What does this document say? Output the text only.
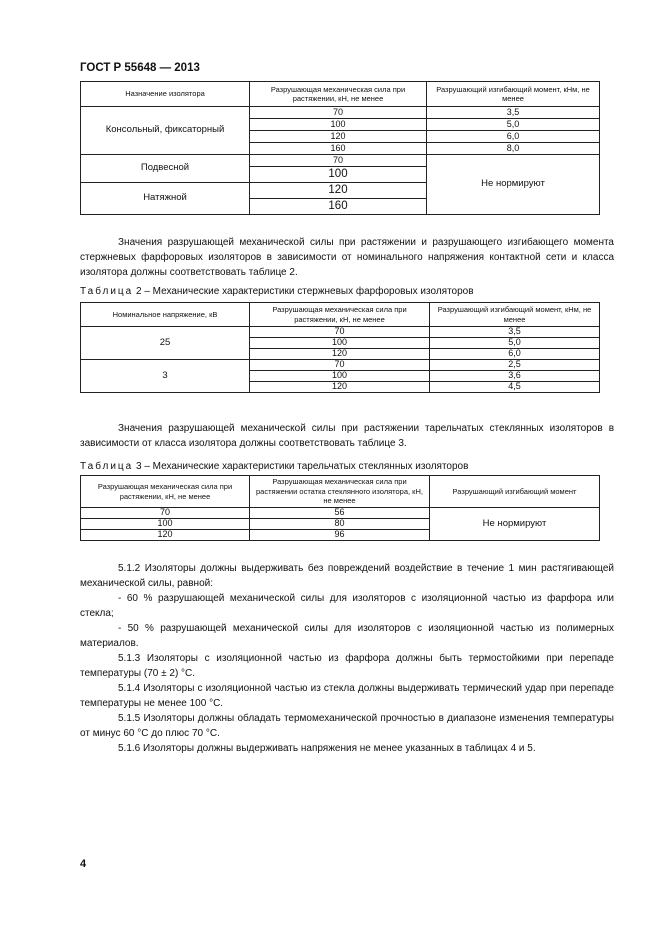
ГОСТ Р 55648 — 2013
Назначение изолятора	Разрушающая механическая сила при растяжении, кН, не менее	Разрушающий изгибающий момент, кНм, не менее
Консольный, фиксаторный	70	3,5
	100	5,0
	120	6,0
	160	8,0
Подвесной	70	Не нормируют
	100	
Натяжной	120	
	160	
Значения разрушающей механической силы при растяжении и разрушающего изгибающего момента стержневых фарфоровых изоляторов в зависимости от номинального напряжения контактной сети и класса изолятора должны соответствовать таблице 2.
Таблица 2 – Механические характеристики стержневых фарфоровых изоляторов
Номинальное напряжение, кВ	Разрушающая механическая сила при растяжении, кН, не менее	Разрушающий изгибающий момент, кНм, не менее
25	70	3,5
	100	5,0
	120	6,0
3	70	2,5
	100	3,6
	120	4,5
Значения разрушающей механической силы при растяжении тарельчатых стеклянных изоляторов в зависимости от класса изолятора должны соответствовать таблице 3.
Таблица 3 – Механические характеристики тарельчатых стеклянных изоляторов
Разрушающая механическая сила при растяжении, кН, не менее	Разрушающая механическая сила при растяжении остатка стеклянного изолятора, кН, не менее	Разрушающий изгибающий момент
70	56	Не нормируют
100	80	
120	96	

5.1.2 Изоляторы должны выдерживать без повреждений воздействие в течение 1 мин растягивающей механической силы, равной:

- 60 % разрушающей механической силы для изоляторов с изоляционной частью из фарфора или стекла;

- 50 % разрушающей механической силы для изоляторов с изоляционной частью из полимерных материалов.

5.1.3 Изоляторы с изоляционной частью из фарфора должны быть термостойкими при перепаде температуры (70 ± 2) °С.

5.1.4 Изоляторы с изоляционной частью из стекла должны выдерживать термический удар при перепаде температуры не менее 100 °С.

5.1.5 Изоляторы должны обладать термомеханической прочностью в диапазоне изменения температуры от минус 60 °С до плюс 70 °С.

5.1.6 Изоляторы должны выдерживать напряжения не менее указанных в таблицах 4 и 5.

4
